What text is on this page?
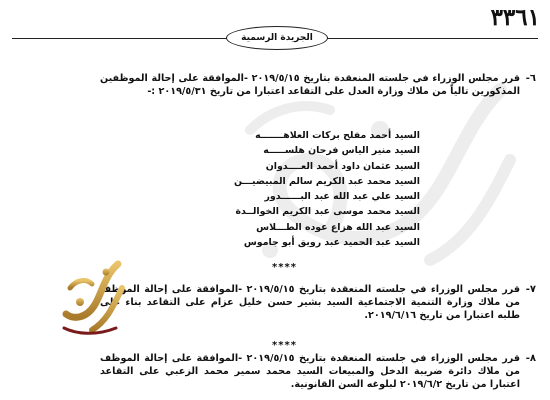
٣٣٦١
الجريدة الرسمية
٦-
قرر مجلس الوزراء في جلسته المنعقدة بتاريخ ٢٠١٩/٥/١٥ -الموافقة على إحالة الموظفين المذكورين تالياً من ملاك وزارة العدل على التقاعد اعتبارا من تاريخ ٢٠١٩/٥/٣١ :-
السيد أحمد مفلح بركات العلاهـــــــه
السيد منير الياس فرحان هلســـــه
السيد عثمان داود أحمد العــــدوان
السيد محمد عبد الكريم سالم المبيضيـــن
السيد علي عبد الله عبد البــــــدور
السيد محمد موسى عبد الكريم الخوالــدة
السيد عبد الله هزاع عوده الطـــلاس
السيد عبد الحميد عبد رويق أبو جاموس
****
٧-
قرر مجلس الوزراء في جلسته المنعقدة بتاريخ ٢٠١٩/٥/١٥ -الموافقة على إحالة الموظف من ملاك وزارة التنمية الاجتماعية السيد بشير حسن خليل عزام على التقاعد بناء على طلبه اعتبارا من تاريخ ٢٠١٩/٦/١٦.
****
٨-
قرر مجلس الوزراء في جلسته المنعقدة بتاريخ ٢٠١٩/٥/١٥ -الموافقة على إحالة الموظف من ملاك دائرة ضريبة الدخل والمبيعات السيد محمد سمير محمد الزعبي على التقاعد اعتبارا من تاريخ ٢٠١٩/٦/٢ لبلوغه السن القانونية.
